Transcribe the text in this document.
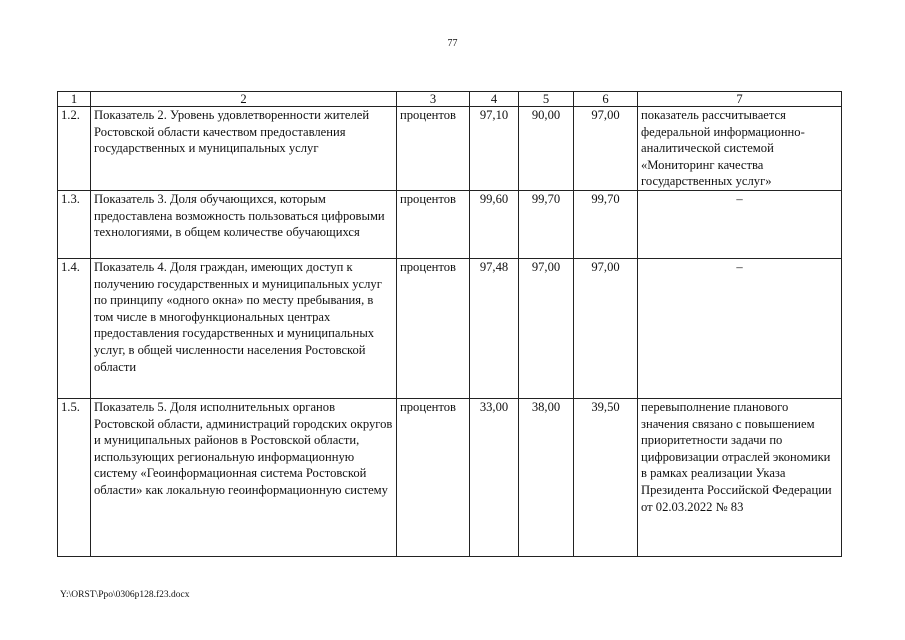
77
1	2	3	4	5	6	7
1.2.	Показатель 2. Уровень удовлетворенности жителей Ростовской области качеством предоставления государственных и муниципальных услуг	процентов	97,10	90,00	97,00	показатель рассчитывается федеральной информационно-аналитической системой «Мониторинг качества государственных услуг»
1.3.	Показатель 3. Доля обучающихся, которым предоставлена возможность пользоваться цифровыми технологиями, в общем количестве обучающихся	процентов	99,60	99,70	99,70	–
1.4.	Показатель 4. Доля граждан, имеющих доступ к получению государственных и муниципальных услуг по принципу «одного окна» по месту пребывания, в том числе в многофункциональных центрах предоставления государственных и муниципальных услуг, в общей численности населения Ростовской области	процентов	97,48	97,00	97,00	–
1.5.	Показатель 5. Доля исполнительных органов Ростовской области, администраций городских округов и муниципальных районов в Ростовской области, использующих региональную информационную систему «Геоинформационная система Ростовской области» как локальную геоинформационную систему	процентов	33,00	38,00	39,50	перевыполнение планового значения связано с повышением приоритетности задачи по цифровизации отраслей экономики в рамках реализации Указа Президента Российской Федерации от 02.03.2022 № 83
Y:\ORST\Ppo\0306p128.f23.docx
